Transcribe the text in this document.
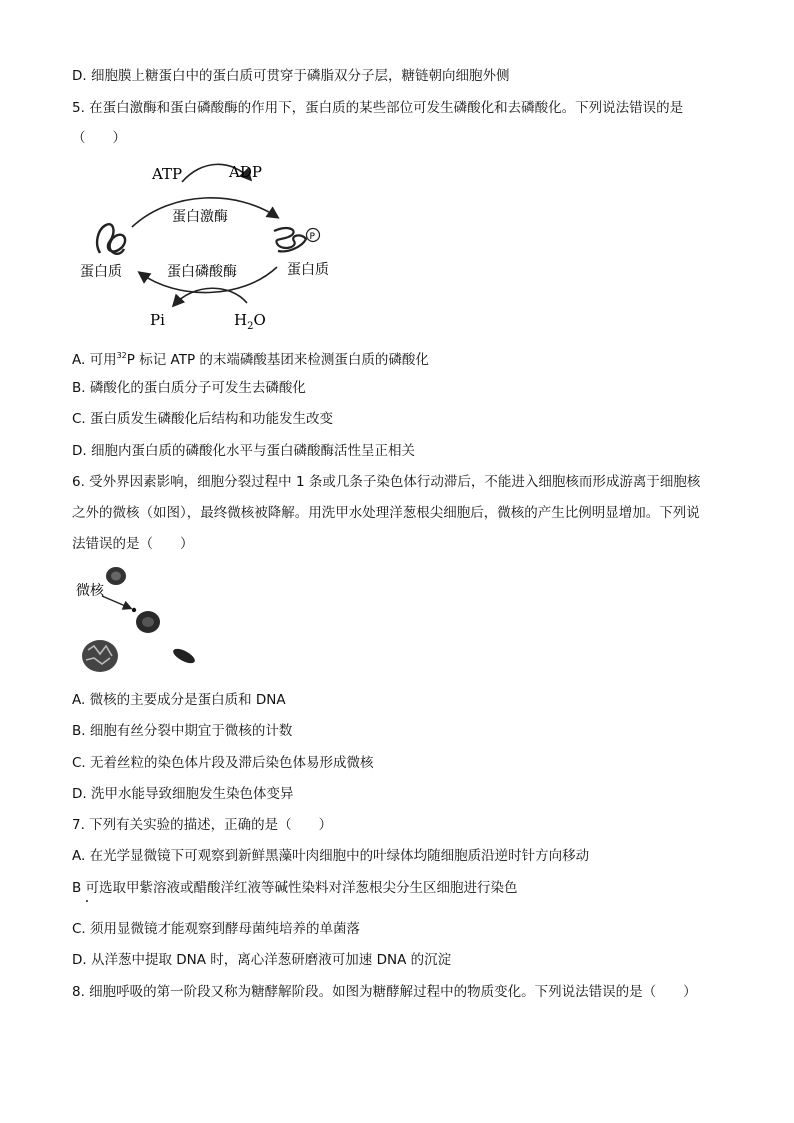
D. 细胞膜上糖蛋白中的蛋白质可贯穿于磷脂双分子层，糖链朝向细胞外侧
5. 在蛋白激酶和蛋白磷酸酶的作用下，蛋白质的某些部位可发生磷酸化和去磷酸化。下列说法错误的是
（　　）
ATP	ADP
蛋白激酶
蛋白磷酸酶
蛋白质	蛋白质
Pi	$H_2O$
P
A. 可用$^{32}$P 标记 ATP 的末端磷酸基团来检测蛋白质的磷酸化
B. 磷酸化的蛋白质分子可发生去磷酸化
C. 蛋白质发生磷酸化后结构和功能发生改变
D. 细胞内蛋白质的磷酸化水平与蛋白磷酸酶活性呈正相关
6. 受外界因素影响，细胞分裂过程中 1 条或几条子染色体行动滞后，不能进入细胞核而形成游离于细胞核
之外的微核（如图），最终微核被降解。用洗甲水处理洋葱根尖细胞后，微核的产生比例明显增加。下列说
法错误的是（　　）
微核
A. 微核的主要成分是蛋白质和 DNA
B. 细胞有丝分裂中期宜于微核的计数
C. 无着丝粒的染色体片段及滞后染色体易形成微核
D. 洗甲水能导致细胞发生染色体变异
7. 下列有关实验的描述，正确的是（　　）
A. 在光学显微镜下可观察到新鲜黑藻叶肉细胞中的叶绿体均随细胞质沿逆时针方向移动
B 可选取甲紫溶液或醋酸洋红液等碱性染料对洋葱根尖分生区细胞进行染色
C. 须用显微镜才能观察到酵母菌纯培养的单菌落
D. 从洋葱中提取 DNA 时，离心洋葱研磨液可加速 DNA 的沉淀
8. 细胞呼吸的第一阶段又称为糖酵解阶段。如图为糖酵解过程中的物质变化。下列说法错误的是（　　）
